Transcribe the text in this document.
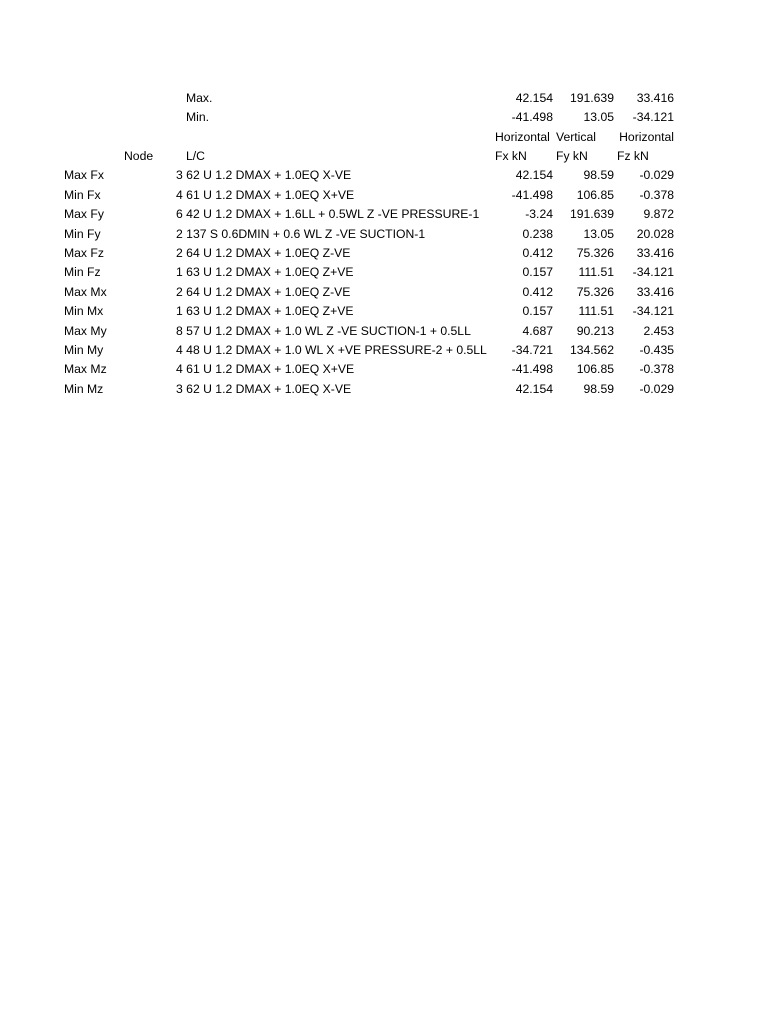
Max.	42.154 191.639 33.416
Min.	-41.498	13.05 -34.121
Horizontal Vertical Horizontal
Node	L/C	Fx kN Fy kN Fz kN
Max Fx	3 62 U 1.2 DMAX + 1.0EQ X-VE	42.154	98.59 -0.029
Min Fx	4 61 U 1.2 DMAX + 1.0EQ X+VE	-41.498 106.85 -0.378
Max Fy	6 42 U 1.2 DMAX + 1.6LL + 0.5WL Z -VE PRESSURE-1	-3.24 191.639 9.872
Min Fy	2 137 S 0.6DMIN + 0.6 WL Z -VE SUCTION-1	0.238	13.05 20.028
Max Fz	2 64 U 1.2 DMAX + 1.0EQ Z-VE	0.412 75.326 33.416
Min Fz	1 63 U 1.2 DMAX + 1.0EQ Z+VE	0.157 111.51 -34.121
Max Mx	2 64 U 1.2 DMAX + 1.0EQ Z-VE	0.412 75.326 33.416
Min Mx	1 63 U 1.2 DMAX + 1.0EQ Z+VE	0.157 111.51 -34.121
Max My	8 57 U 1.2 DMAX + 1.0 WL Z -VE SUCTION-1 + 0.5LL	4.687 90.213 2.453
Min My	4 48 U 1.2 DMAX + 1.0 WL X +VE PRESSURE-2 + 0.5LL -34.721 134.562 -0.435
Max Mz	4 61 U 1.2 DMAX + 1.0EQ X+VE	-41.498 106.85 -0.378
Min Mz	3 62 U 1.2 DMAX + 1.0EQ X-VE	42.154	98.59 -0.029
